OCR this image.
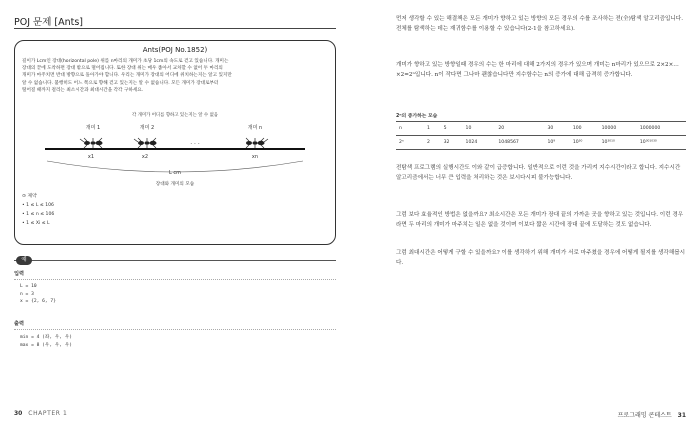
POJ 문제 [Ants]
Ants(POJ No.1852)
길이가 Lcm인 장대(horizontal pole) 위를 n마리의 개미가 초당 1cm의 속도로 걷고 있습니다. 개미는
장대의 끝에 도착하면 장대 밖으로 떨어집니다. 또한 장대 위는 매우 좁아서 교차할 수 없어 두 마리의
개미가 마주치면 반대 방향으로 돌아가야 합니다. 우리는 개미가 장대의 어디에 위치하는지는 알고 있지만
알 수 없습니다. 불행히도 어느 쪽으로 향해 걷고 있는지는 알 수 없습니다. 모든 개미가 장대로부터
떨어질 때까지 걸리는 최소시간과 최대시간을 각각 구하세요.
각 개미가 어디를 향하고 있는지는 알 수 없음
개미 1	개미 2	개미 n
· · ·
x1	x2	xn
L cm
장대와 개미의 모습
⊙ 제약
• 1 ≤ L ≤ 106
• 1 ≤ n ≤ 106
• 1 ≤ Xi ≤ L
예
입력
L = 10
n = 3
x = {2, 6, 7}
출력
min = 4 (좌, 우, 우)
max = 8 (우, 우, 우)
30 CHAPTER 1
먼저 생각할 수 있는 해결책은 모든 개미가 향하고 있는 방향의 모든 경우의 수를 조사하는 전(全)탐색 알고리즘입니다. 전체를 탐색하는 데는 재귀함수를 이용할 수 있습니다(2-1을 참고하세요).
개미가 향하고 있는 방향일때 경우의 수는 한 마리에 대해 2가지의 경우가 있으며 개미는 n마리가 있으므로 2×2×… ×2=2ⁿ입니다. n이 작다면 그나마 괜찮습니다만 지수함수는 n의 증가에 대해 급격히 증가합니다.
2ⁿ의 증가하는 모습
n	1	5	10	20	30	100	10000	1000000
2ⁿ	2	32	1024	1048567	10⁹	10³⁰	10³⁰¹⁰	10³⁰¹⁰³⁰
전탐색 프로그램의 실행시간도 이와 같이 급증합니다. 일반적으로 이런 것을 가리켜 지수시간이라고 합니다. 지수시간 알고리즘에서는 너무 큰 입력을 처리하는 것은 보시다시피 불가능합니다.
그럼 보다 효율적인 방법은 없을까요? 최소시간은 모든 개미가 장대 끝의 가까운 곳을 향하고 있는 것입니다. 이런 경우라면 두 마리의 개미가 마주치는 일은 없을 것이며 이보다 짧은 시간에 장대 끝에 도달하는 것도 없습니다.
그럼 최대시간은 어떻게 구할 수 있을까요? 이를 생각하기 위해 개미가 서로 마주쳤을 경우에 어떻게 될지를 생각해봅시다.
프로그래밍 콘테스트 31
